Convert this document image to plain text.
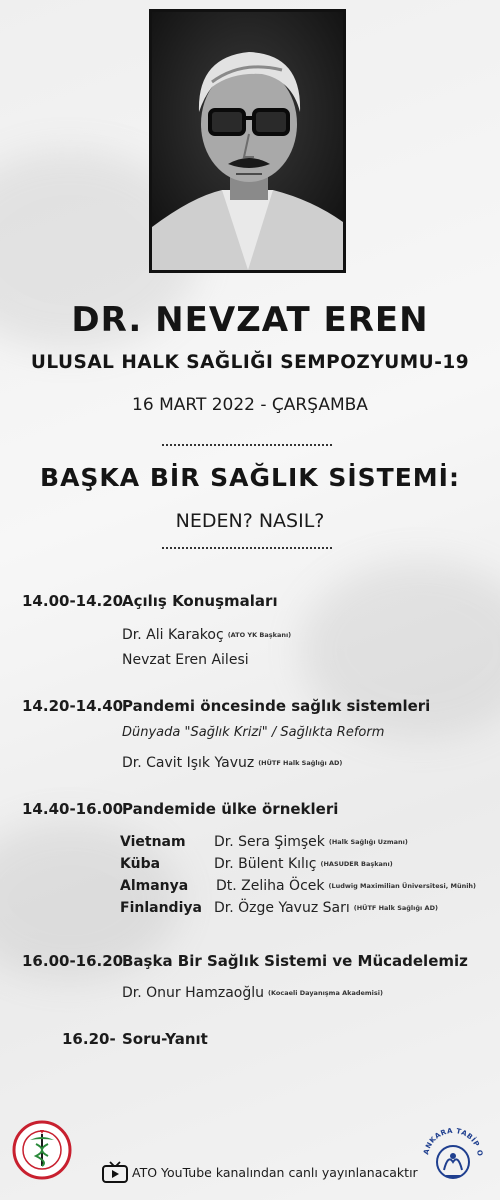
DR. NEVZAT EREN
ULUSAL HALK SAĞLIĞI SEMPOZYUMU-19
16 MART 2022 - ÇARŞAMBA
BAŞKA BİR SAĞLIK SİSTEMİ:
NEDEN? NASIL?
14.00-14.20
Açılış Konuşmaları
Dr. Ali Karakoç (ATO YK Başkanı)
Nevzat Eren Ailesi
14.20-14.40
Pandemi öncesinde sağlık sistemleri
Dünyada "Sağlık Krizi" / Sağlıkta Reform
Dr. Cavit Işık Yavuz (HÜTF Halk Sağlığı AD)
14.40-16.00
Pandemide ülke örnekleri
Vietnam Dr. Sera Şimşek (Halk Sağlığı Uzmanı)
Küba	Dr. Bülent Kılıç (HASUDER Başkanı)
Almanya Dt. Zeliha Öcek (Ludwig Maximilian Üniversitesi, Münih)
Finlandiya Dr. Özge Yavuz Sarı (HÜTF Halk Sağlığı AD)
16.00-16.20
Başka Bir Sağlık Sistemi ve Mücadelemiz
Dr. Onur Hamzaoğlu (Kocaeli Dayanışma Akademisi)
16.20- Soru-Yanıt
ATO YouTube kanalından canlı yayınlanacaktır
ANKARA TABİP O
